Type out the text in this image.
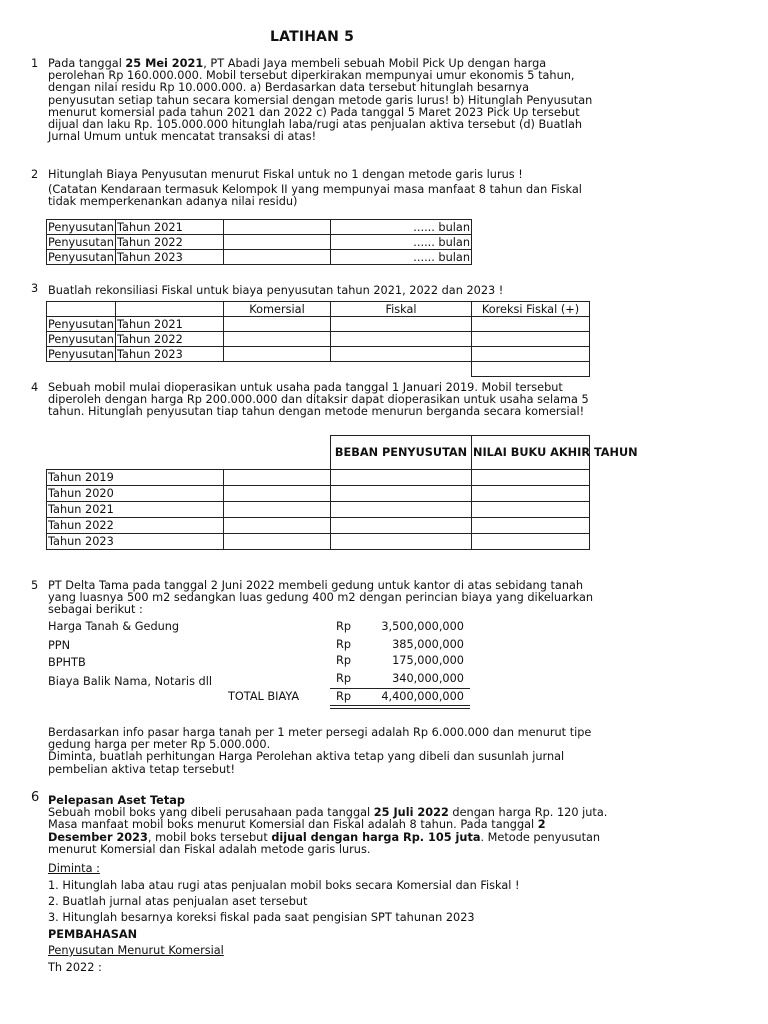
LATIHAN 5
1 Pada tanggal 25 Mei 2021, PT Abadi Jaya membeli sebuah Mobil Pick Up dengan harga
perolehan Rp 160.000.000. Mobil tersebut diperkirakan mempunyai umur ekonomis 5 tahun,
dengan nilai residu Rp 10.000.000. a) Berdasarkan data tersebut hitunglah besarnya
penyusutan setiap tahun secara komersial dengan metode garis lurus! b) Hitunglah Penyusutan
menurut komersial pada tahun 2021 dan 2022 c) Pada tanggal 5 Maret 2023 Pick Up tersebut
dijual dan laku Rp. 105.000.000 hitunglah laba/rugi atas penjualan aktiva tersebut (d) Buatlah
Jurnal Umum untuk mencatat transaksi di atas!
2 Hitunglah Biaya Penyusutan menurut Fiskal untuk no 1 dengan metode garis lurus !
(Catatan Kendaraan termasuk Kelompok II yang mempunyai masa manfaat 8 tahun dan Fiskal
tidak memperkenankan adanya nilai residu)
Penyusutan	Tahun 2021		...... bulan
Penyusutan	Tahun 2022		...... bulan
Penyusutan	Tahun 2023		...... bulan
3 Buatlah rekonsiliasi Fiskal untuk biaya penyusutan tahun 2021, 2022 dan 2023 !
		Komersial	Fiskal	Koreksi Fiskal (+)
Penyusutan	Tahun 2021			
Penyusutan	Tahun 2022			
Penyusutan	Tahun 2023			

4 Sebuah mobil mulai dioperasikan untuk usaha pada tanggal 1 Januari 2019. Mobil tersebut
diperoleh dengan harga Rp 200.000.000 dan ditaksir dapat dioperasikan untuk usaha selama 5
tahun. Hitunglah penyusutan tiap tahun dengan metode menurun berganda secara komersial!
		BEBAN PENYUSUTAN	NILAI BUKU AKHIR TAHUN
Tahun 2019			
Tahun 2020			
Tahun 2021			
Tahun 2022			
Tahun 2023			
5 PT Delta Tama pada tanggal 2 Juni 2022 membeli gedung untuk kantor di atas sebidang tanah
yang luasnya 500 m2 sedangkan luas gedung 400 m2 dengan perincian biaya yang dikeluarkan
sebagai berikut :
Harga Tanah & Gedung	Rp	3,500,000,000
PPN	Rp	385,000,000
BPHTB	Rp	175,000,000
Biaya Balik Nama, Notaris dll	Rp	340,000,000
TOTAL BIAYA	Rp	4,400,000,000
Berdasarkan info pasar harga tanah per 1 meter persegi adalah Rp 6.000.000 dan menurut tipe
gedung harga per meter Rp 5.000.000.
Diminta, buatlah perhitungan Harga Perolehan aktiva tetap yang dibeli dan susunlah jurnal
pembelian aktiva tetap tersebut!
6 Pelepasan Aset Tetap
Sebuah mobil boks yang dibeli perusahaan pada tanggal 25 Juli 2022 dengan harga Rp. 120 juta.
Masa manfaat mobil boks menurut Komersial dan Fiskal adalah 8 tahun. Pada tanggal 2
Desember 2023, mobil boks tersebut dijual dengan harga Rp. 105 juta. Metode penyusutan
menurut Komersial dan Fiskal adalah metode garis lurus.
Diminta :
1. Hitunglah laba atau rugi atas penjualan mobil boks secara Komersial dan Fiskal !
2. Buatlah jurnal atas penjualan aset tersebut
3. Hitunglah besarnya koreksi fiskal pada saat pengisian SPT tahunan 2023
PEMBAHASAN
Penyusutan Menurut Komersial
Th 2022 :
